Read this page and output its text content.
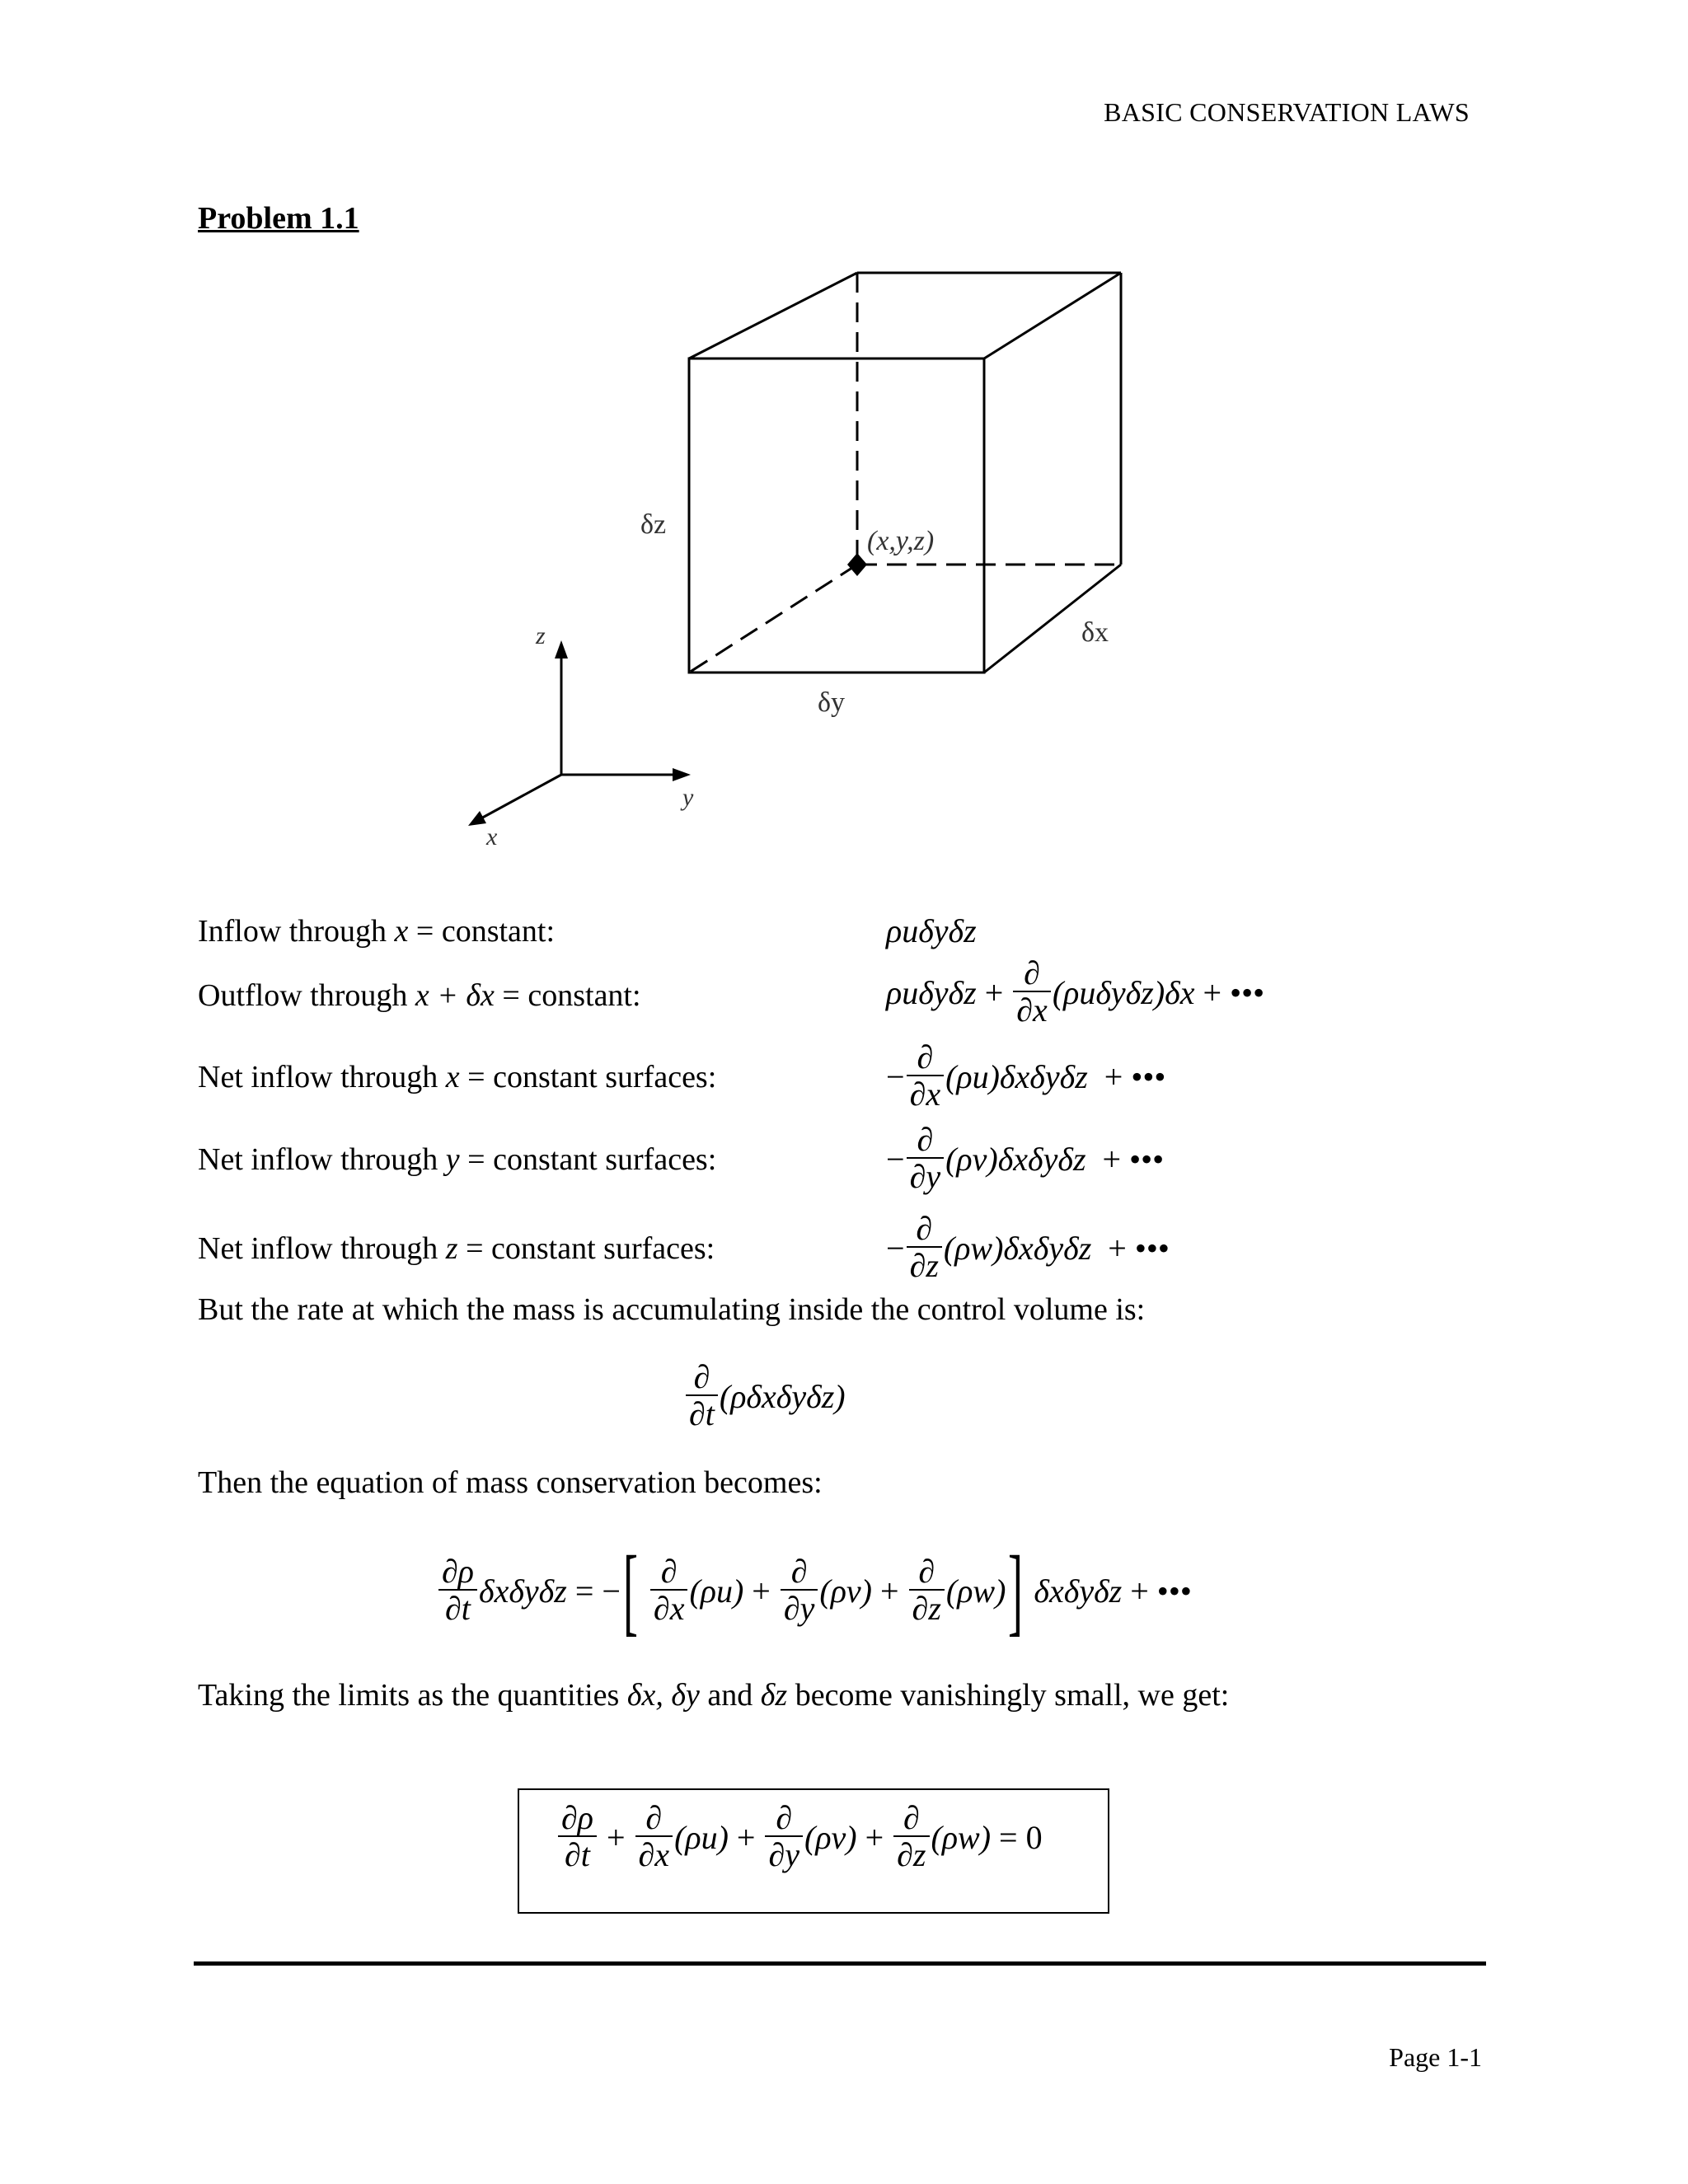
BASIC CONSERVATION LAWS
Problem 1.1
δz
(x,y,z)
δx
δy
z
y
x
Inflow through x = constant:
Outflow through x + δx = constant:
Net inflow through x = constant surfaces:
Net inflow through y = constant surfaces:
Net inflow through z = constant surfaces:
ρuδyδz
$\rho u\delta y\delta z + \frac{\partial}{\partial x} (\rho u\delta y\delta z)\delta x$ + •••
− $\frac{\partial}{\partial x} (\rho u)\delta x\delta y\delta z$  + •••
− $\frac{\partial}{\partial y} (\rho v)\delta x\delta y\delta z$  + •••
− $\frac{\partial}{\partial z} (\rho w)\delta x\delta y\delta z$  + •••
But the rate at which the mass is accumulating inside the control volume is:
$\frac{\partial}{\partial t} (\rho\delta x\delta y\delta z)$
Then the equation of mass conservation becomes:
$\frac{\partial\rho}{\partial t}$ δxδyδz = −[ $\frac{\partial}{\partial x} (\rho u) + \frac{\partial}{\partial y} (\rho v) + \frac{\partial}{\partial z} (\rho w)$] δxδyδz + •••
Taking the limits as the quantities δx, δy and δz become vanishingly small, we get:
$\frac{\partial\rho}{\partial t} + \frac{\partial}{\partial x} (\rho u) + \frac{\partial}{\partial y} (\rho v) + \frac{\partial}{\partial z} (\rho w) = 0$
Page 1-1
